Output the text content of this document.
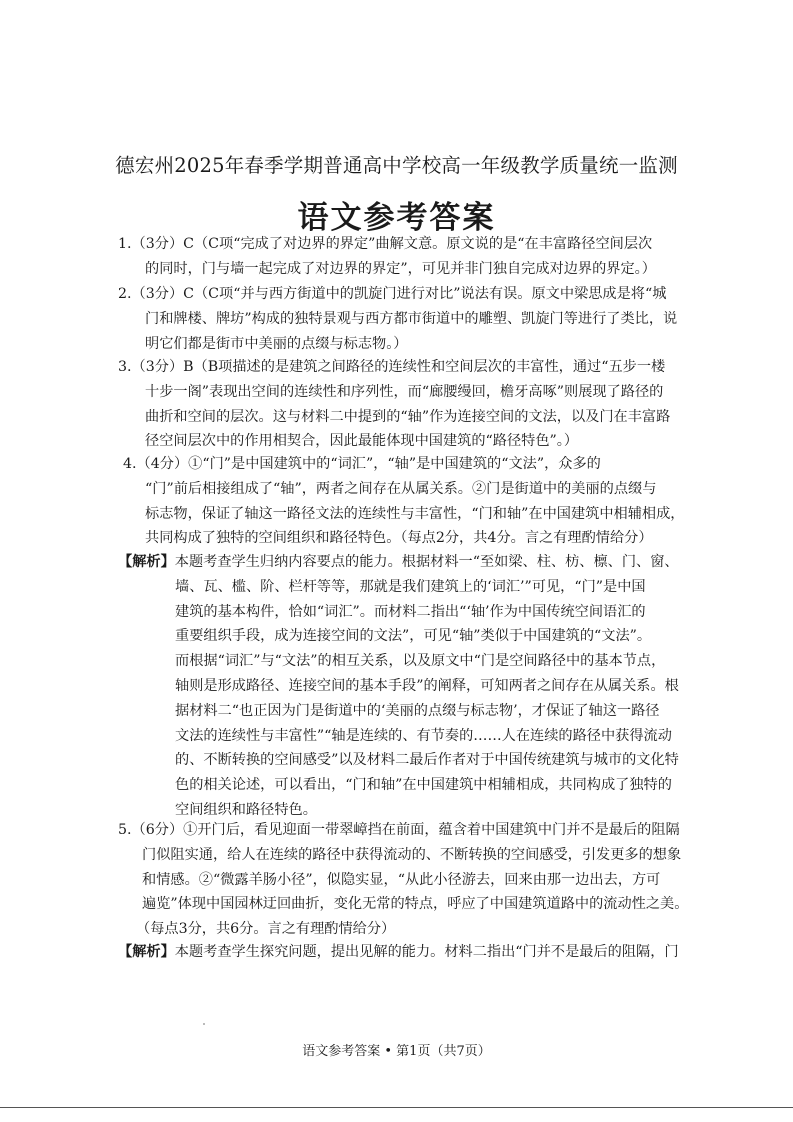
德宏州2025年春季学期普通高中学校高一年级教学质量统一监测
语文参考答案
1.（3分）C（C项“完成了对边界的界定”曲解文意。原文说的是“在丰富路径空间层次
的同时，门与墙一起完成了对边界的界定”，可见并非门独自完成对边界的界定。）
2.（3分）C（C项“并与西方街道中的凯旋门进行对比”说法有误。原文中梁思成是将“城
门和牌楼、牌坊”构成的独特景观与西方都市街道中的雕塑、凯旋门等进行了类比，说
明它们都是街市中美丽的点缀与标志物。）
3.（3分）B（B项描述的是建筑之间路径的连续性和空间层次的丰富性，通过“五步一楼
十步一阁”表现出空间的连续性和序列性，而“廊腰缦回，檐牙高啄”则展现了路径的
曲折和空间的层次。这与材料二中提到的“轴”作为连接空间的文法，以及门在丰富路
径空间层次中的作用相契合，因此最能体现中国建筑的“路径特色”。）
4.（4分）①“门”是中国建筑中的“词汇”，“轴”是中国建筑的“文法”，众多的
“门”前后相接组成了“轴”，两者之间存在从属关系。②门是街道中的美丽的点缀与
标志物，保证了轴这一路径文法的连续性与丰富性，“门和轴”在中国建筑中相辅相成，
共同构成了独特的空间组织和路径特色。（每点2分，共4分。言之有理酌情给分）
【解析】本题考查学生归纳内容要点的能力。根据材料一“至如梁、柱、枋、檩、门、窗、
墙、瓦、槛、阶、栏杆等等，那就是我们建筑上的‘词汇’”可见，“门”是中国
建筑的基本构件，恰如“词汇”。而材料二指出“‘轴’作为中国传统空间语汇的
重要组织手段，成为连接空间的文法”，可见“轴”类似于中国建筑的“文法”。
而根据“词汇”与“文法”的相互关系，以及原文中“门是空间路径中的基本节点，
轴则是形成路径、连接空间的基本手段”的阐释，可知两者之间存在从属关系。根
据材料二“也正因为门是街道中的‘美丽的点缀与标志物’，才保证了轴这一路径
文法的连续性与丰富性”“轴是连续的、有节奏的……人在连续的路径中获得流动
的、不断转换的空间感受”以及材料二最后作者对于中国传统建筑与城市的文化特
色的相关论述，可以看出，“门和轴”在中国建筑中相辅相成，共同构成了独特的
空间组织和路径特色。
5.（6分）①开门后，看见迎面一带翠嶂挡在前面，蕴含着中国建筑中门并不是最后的阻隔
门似阻实通，给人在连续的路径中获得流动的、不断转换的空间感受，引发更多的想象
和情感。②“微露羊肠小径”，似隐实显，“从此小径游去，回来由那一边出去，方可
遍览”体现中国园林迂回曲折，变化无常的特点，呼应了中国建筑道路中的流动性之美。
（每点3分，共6分。言之有理酌情给分）
【解析】本题考查学生探究问题，提出见解的能力。材料二指出“门并不是最后的阻隔，门
语文参考答案 • 第1页（共7页）
